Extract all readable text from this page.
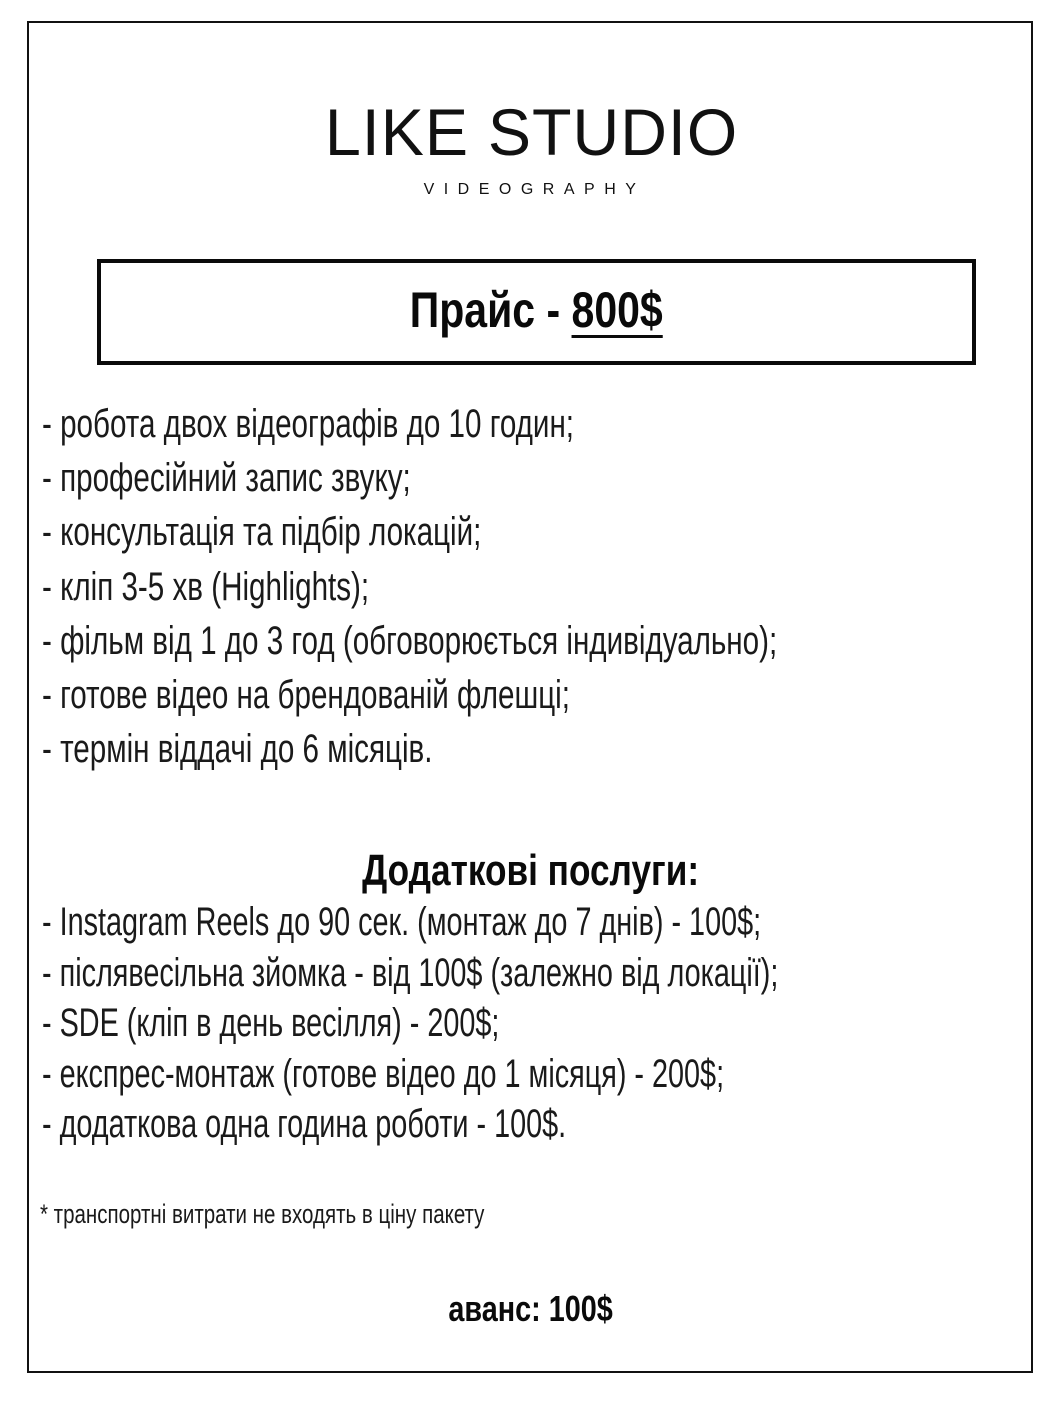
LIKE STUDIO
VIDEOGRAPHY
Прайс - 800$
- робота двох відеографів до 10 годин;
- професійний запис звуку;
- консультація та підбір локацій;
- кліп 3-5 хв (Highlights);
- фільм від 1 до 3 год (обговорюється індивідуально);
- готове відео на брендованій флешці;
- термін віддачі до 6 місяців.
Додаткові послуги:
- Instagram Reels до 90 сек. (монтаж до 7 днів) - 100$;
- післявесільна зйомка - від 100$ (залежно від локації);
- SDE (кліп в день весілля) - 200$;
- експрес-монтаж (готове відео до 1 місяця) - 200$;
- додаткова одна година роботи - 100$.
* транспортні витрати не входять в ціну пакету
аванс: 100$
